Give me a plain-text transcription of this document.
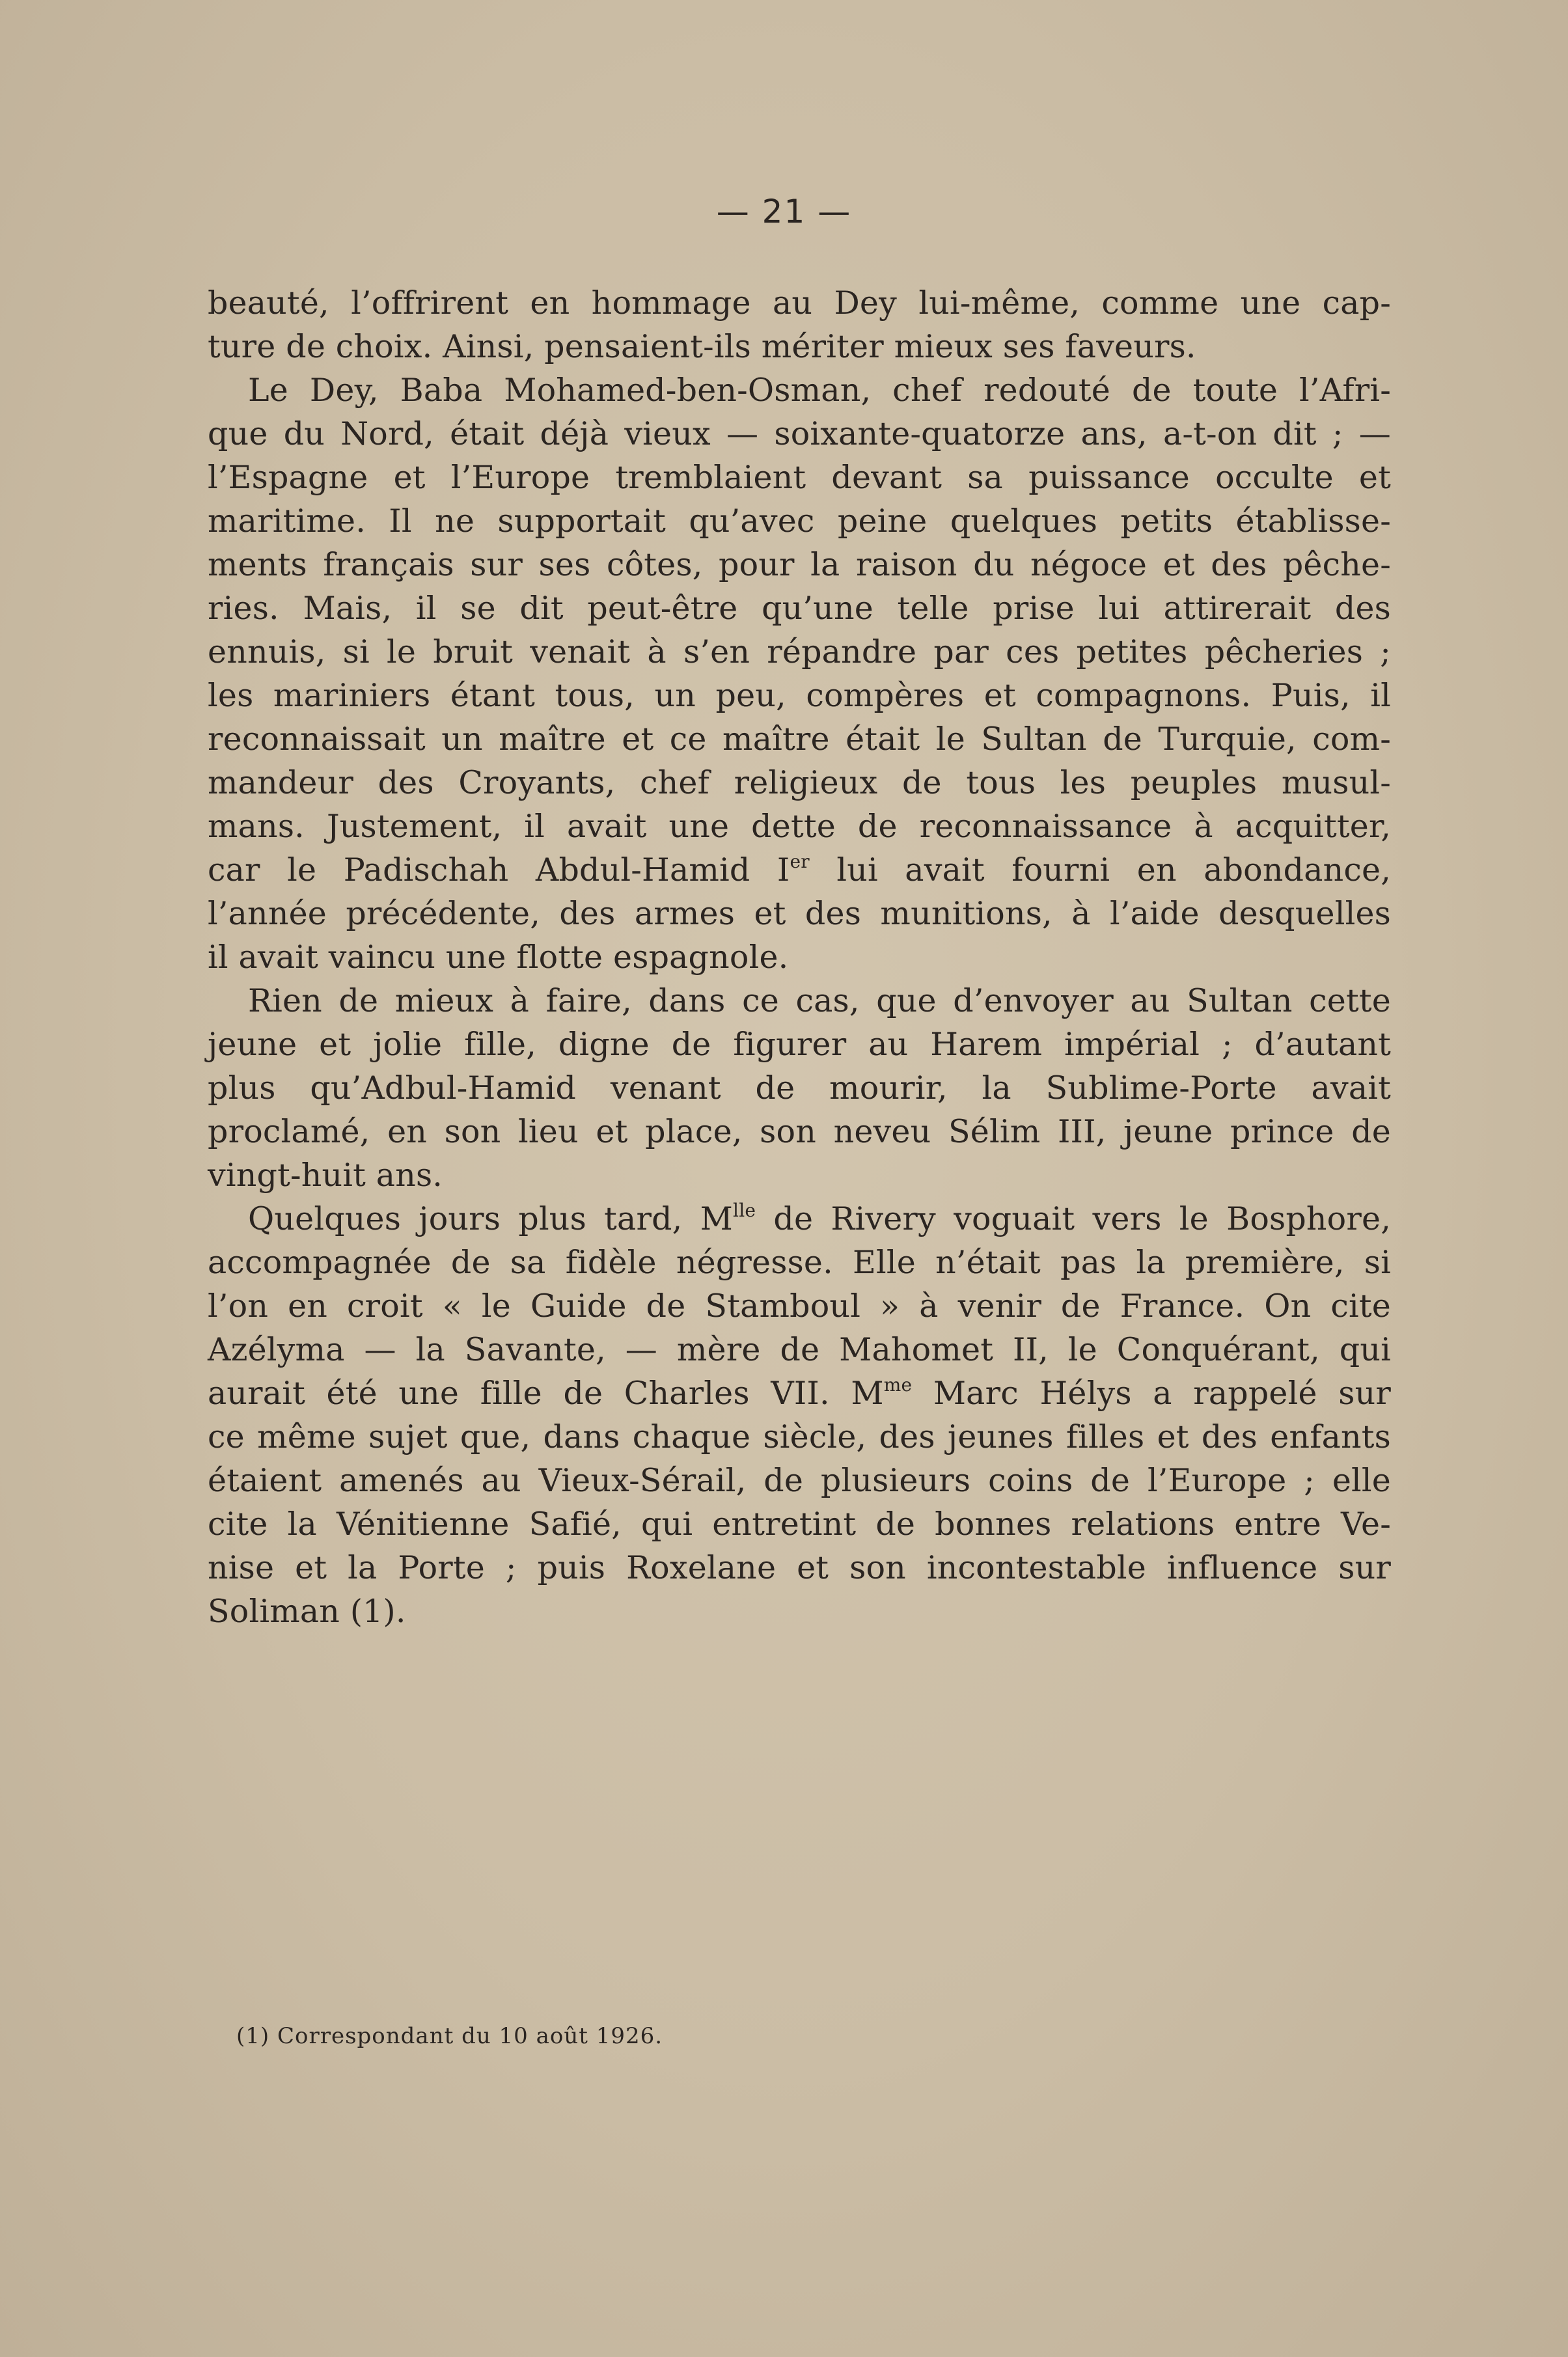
— 21 —
beauté, l’offrirent en hommage au Dey lui-même, comme une cap-
ture de choix. Ainsi, pensaient-ils mériter mieux ses faveurs.
Le Dey, Baba Mohamed-ben-Osman, chef redouté de toute l’Afri-
que du Nord, était déjà vieux — soixante-quatorze ans, a-t-on dit ; —
l’Espagne et l’Europe tremblaient devant sa puissance occulte et
maritime. Il ne supportait qu’avec peine quelques petits établisse-
ments français sur ses côtes, pour la raison du négoce et des pêche-
ries. Mais, il se dit peut-être qu’une telle prise lui attirerait des
ennuis, si le bruit venait à s’en répandre par ces petites pêcheries ;
les mariniers étant tous, un peu, compères et compagnons. Puis, il
reconnaissait un maître et ce maître était le Sultan de Turquie, com-
mandeur des Croyants, chef religieux de tous les peuples musul-
mans. Justement, il avait une dette de reconnaissance à acquitter,
car le Padischah Abdul-Hamid Ier lui avait fourni en abondance,
l’année précédente, des armes et des munitions, à l’aide desquelles
il avait vaincu une flotte espagnole.
Rien de mieux à faire, dans ce cas, que d’envoyer au Sultan cette
jeune et jolie fille, digne de figurer au Harem impérial ; d’autant
plus qu’Adbul-Hamid venant de mourir, la Sublime-Porte avait
proclamé, en son lieu et place, son neveu Sélim III, jeune prince de
vingt-huit ans.
Quelques jours plus tard, $M^{lle}$ de Rivery voguait vers le Bosphore,
accompagnée de sa fidèle négresse. Elle n’était pas la première, si
l’on en croit « le Guide de Stamboul » à venir de France. On cite
Azélyma — la Savante, — mère de Mahomet II, le Conquérant, qui
aurait été une fille de Charles VII. $M^{me}$ Marc Hélys a rappelé sur
ce même sujet que, dans chaque siècle, des jeunes filles et des enfants
étaient amenés au Vieux-Sérail, de plusieurs coins de l’Europe ; elle
cite la Vénitienne Safié, qui entretint de bonnes relations entre Ve-
nise et la Porte ; puis Roxelane et son incontestable influence sur
Soliman (1).
(1) Correspondant du 10 août 1926.
